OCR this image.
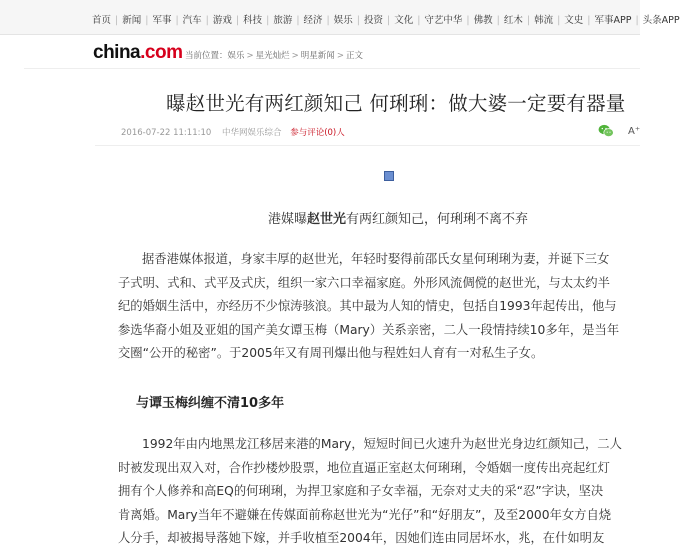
首页 | 新闻 | 军事 | 汽车 | 游戏 | 科技 | 旅游 | 经济 | 娱乐 | 投资 | 文化 | 守艺中华 | 佛教 | 红木 | 韩流 | 文史 | 军事APP | 头条APP
china.com 当前位置：娱乐 > 星光灿烂 > 明星新闻 > 正文
曝赵世光有两红颜知己 何琍琍：做大婆一定要有器量
2016-07-22 11:11:10 中华网娱乐综合 参与评论(0)人	A⁺
港媒曝赵世光有两红颜知己，何琍琍不离不弃
据香港媒体报道，身家丰厚的赵世光，年轻时娶得前邵氏女星何琍琍为妻，并诞下三女
子式明、式和、式平及式庆，组织一家六口幸福家庭。外形风流倜傥的赵世光，与太太约半
纪的婚姻生活中，亦经历不少惊涛骇浪。其中最为人知的情史，包括自1993年起传出，他与
参选华裔小姐及亚姐的国产美女谭玉梅（Mary）关系亲密，二人一段情持续10多年，是当年
交圈“公开的秘密”。于2005年又有周刊爆出他与程姓妇人育有一对私生子女。
与谭玉梅纠缠不清10多年
1992年由内地黑龙江移居来港的Mary，短短时间已火速升为赵世光身边红颜知己，二人
时被发现出双入对，合作抄楼炒股票，地位直逼正室赵太何琍琍，令婚姻一度传出亮起红灯
拥有个人修养和高EQ的何琍琍，为捍卫家庭和子女幸福，无奈对丈夫的采“忍”字诀，坚决
肯离婚。Mary当年不避嫌在传媒面前称赵世光为“光仔”和“好朋友”，及至2000年女方自烧
人分手，却被揭导落她下嫁，并手收植至2004年，因她们连由同居坏水，兆，在什如明友
